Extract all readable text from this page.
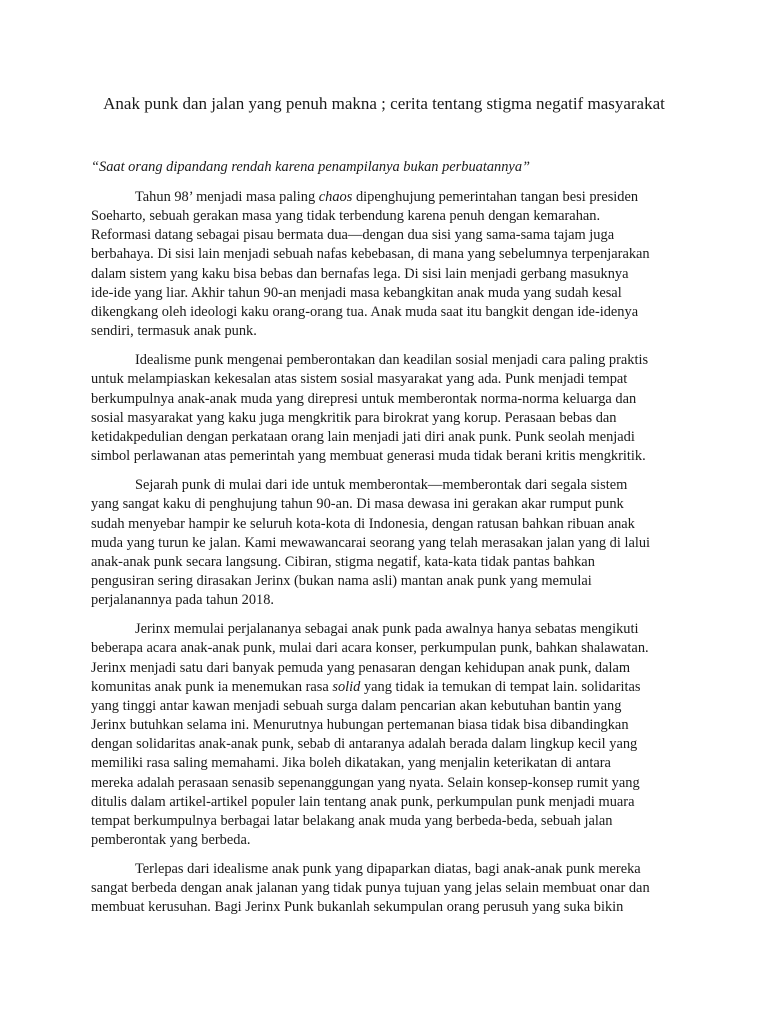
Anak punk dan jalan yang penuh makna ; cerita tentang stigma negatif masyarakat

“Saat orang dipandang rendah karena penampilanya bukan perbuatannya”

Tahun 98’ menjadi masa paling chaos dipenghujung pemerintahan tangan besi presiden
Soeharto, sebuah gerakan masa yang tidak terbendung karena penuh dengan kemarahan.
Reformasi datang sebagai pisau bermata dua—dengan dua sisi yang sama-sama tajam juga
berbahaya. Di sisi lain menjadi sebuah nafas kebebasan, di mana yang sebelumnya terpenjarakan
dalam sistem yang kaku bisa bebas dan bernafas lega. Di sisi lain menjadi gerbang masuknya
ide-ide yang liar. Akhir tahun 90-an menjadi masa kebangkitan anak muda yang sudah kesal
dikengkang oleh ideologi kaku orang-orang tua. Anak muda saat itu bangkit dengan ide-idenya
sendiri, termasuk anak punk.

Idealisme punk mengenai pemberontakan dan keadilan sosial menjadi cara paling praktis
untuk melampiaskan kekesalan atas sistem sosial masyarakat yang ada. Punk menjadi tempat
berkumpulnya anak-anak muda yang direpresi untuk memberontak norma-norma keluarga dan
sosial masyarakat yang kaku juga mengkritik para birokrat yang korup. Perasaan bebas dan
ketidakpedulian dengan perkataan orang lain menjadi jati diri anak punk. Punk seolah menjadi
simbol perlawanan atas pemerintah yang membuat generasi muda tidak berani kritis mengkritik.

Sejarah punk di mulai dari ide untuk memberontak—memberontak dari segala sistem
yang sangat kaku di penghujung tahun 90-an. Di masa dewasa ini gerakan akar rumput punk
sudah menyebar hampir ke seluruh kota-kota di Indonesia, dengan ratusan bahkan ribuan anak
muda yang turun ke jalan. Kami mewawancarai seorang yang telah merasakan jalan yang di lalui
anak-anak punk secara langsung. Cibiran, stigma negatif, kata-kata tidak pantas bahkan
pengusiran sering dirasakan Jerinx (bukan nama asli) mantan anak punk yang memulai
perjalanannya pada tahun 2018.

Jerinx memulai perjalananya sebagai anak punk pada awalnya hanya sebatas mengikuti
beberapa acara anak-anak punk, mulai dari acara konser, perkumpulan punk, bahkan shalawatan.
Jerinx menjadi satu dari banyak pemuda yang penasaran dengan kehidupan anak punk, dalam
komunitas anak punk ia menemukan rasa solid yang tidak ia temukan di tempat lain. solidaritas
yang tinggi antar kawan menjadi sebuah surga dalam pencarian akan kebutuhan bantin yang
Jerinx butuhkan selama ini. Menurutnya hubungan pertemanan biasa tidak bisa dibandingkan
dengan solidaritas anak-anak punk, sebab di antaranya adalah berada dalam lingkup kecil yang
memiliki rasa saling memahami. Jika boleh dikatakan, yang menjalin keterikatan di antara
mereka adalah perasaan senasib sepenanggungan yang nyata. Selain konsep-konsep rumit yang
ditulis dalam artikel-artikel populer lain tentang anak punk, perkumpulan punk menjadi muara
tempat berkumpulnya berbagai latar belakang anak muda yang berbeda-beda, sebuah jalan
pemberontak yang berbeda.

Terlepas dari idealisme anak punk yang dipaparkan diatas, bagi anak-anak punk mereka
sangat berbeda dengan anak jalanan yang tidak punya tujuan yang jelas selain membuat onar dan
membuat kerusuhan. Bagi Jerinx Punk bukanlah sekumpulan orang perusuh yang suka bikin
